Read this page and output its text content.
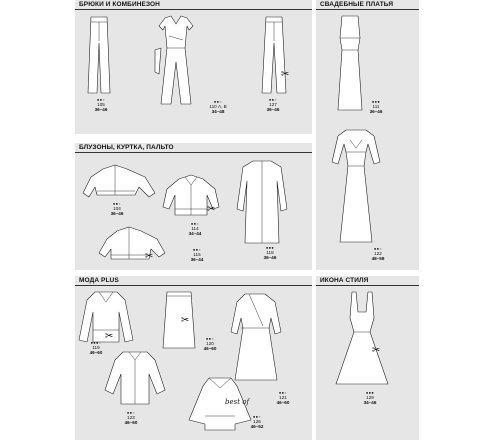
БРЮКИ И КОМБИНЕЗОН
●●●
105
36–46
●●●
110 А, В
34–48
✂
●●●
127
36–46
СВАДЕБНЫЕ ПЛАТЬЯ
●●●
111
36–46
●●●
122
48–58
БЛУЗОНЫ, КУРТКА, ПАЛЬТО
●●●
104
36–46	✂
●●●
114
34–44
✂
●●●
115
36–44
●●●
118
36–46
МОДА PLUS
✂
●●●●
119
46–60
✂
●●●
120
46–60
●●●
121
46–60
●●●
123
46–60
best of
●●●
126
46–52
ИКОНА СТИЛЯ
✂
●●●
129
34–46
